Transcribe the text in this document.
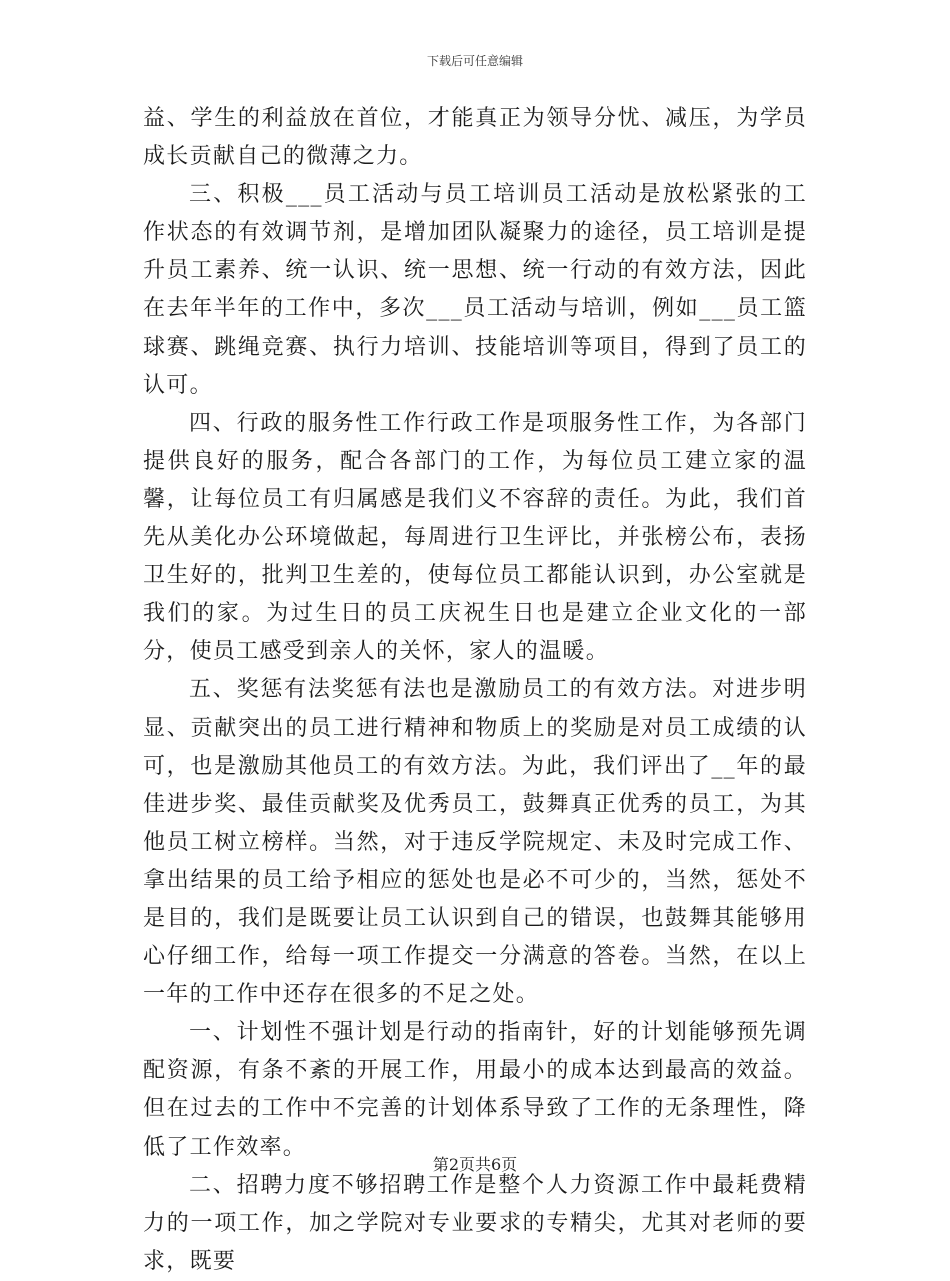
下载后可任意编辑

益、学生的利益放在首位，才能真正为领导分忧、减压，为学员成长贡献自己的微薄之力。

三、积极___员工活动与员工培训员工活动是放松紧张的工作状态的有效调节剂，是增加团队凝聚力的途径，员工培训是提升员工素养、统一认识、统一思想、统一行动的有效方法，因此在去年半年的工作中，多次___员工活动与培训，例如___员工篮球赛、跳绳竞赛、执行力培训、技能培训等项目，得到了员工的认可。

四、行政的服务性工作行政工作是项服务性工作，为各部门提供良好的服务，配合各部门的工作，为每位员工建立家的温馨，让每位员工有归属感是我们义不容辞的责任。为此，我们首先从美化办公环境做起，每周进行卫生评比，并张榜公布，表扬卫生好的，批判卫生差的，使每位员工都能认识到，办公室就是我们的家。为过生日的员工庆祝生日也是建立企业文化的一部分，使员工感受到亲人的关怀，家人的温暖。

五、奖惩有法奖惩有法也是激励员工的有效方法。对进步明显、贡献突出的员工进行精神和物质上的奖励是对员工成绩的认可，也是激励其他员工的有效方法。为此，我们评出了__年的最佳进步奖、最佳贡献奖及优秀员工，鼓舞真正优秀的员工，为其他员工树立榜样。当然，对于违反学院规定、未及时完成工作、拿出结果的员工给予相应的惩处也是必不可少的，当然，惩处不是目的，我们是既要让员工认识到自己的错误，也鼓舞其能够用心仔细工作，给每一项工作提交一分满意的答卷。当然，在以上一年的工作中还存在很多的不足之处。

一、计划性不强计划是行动的指南针，好的计划能够预先调配资源，有条不紊的开展工作，用最小的成本达到最高的效益。但在过去的工作中不完善的计划体系导致了工作的无条理性，降低了工作效率。

二、招聘力度不够招聘工作是整个人力资源工作中最耗费精力的一项工作，加之学院对专业要求的专精尖，尤其对老师的要求，既要

第2页共6页
